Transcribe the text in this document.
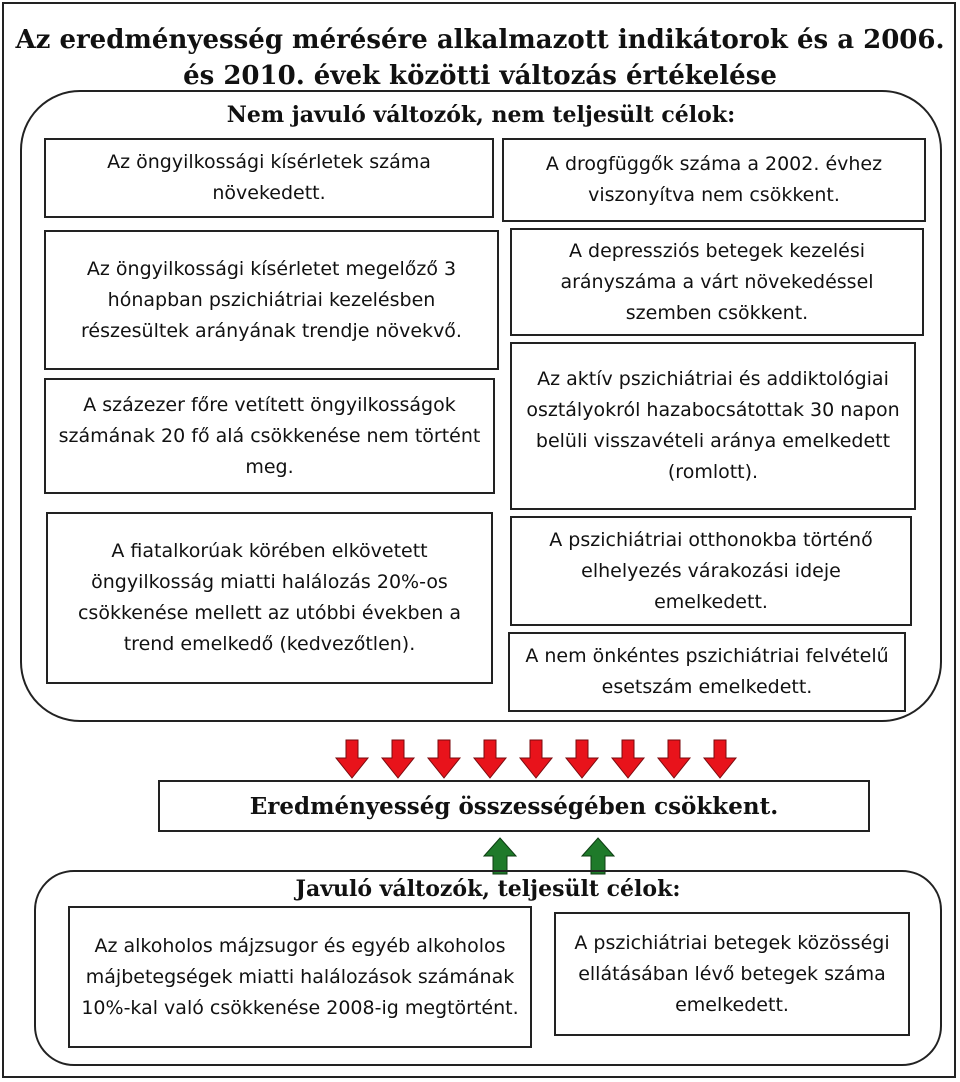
Az eredményesség mérésére alkalmazott indikátorok és a 2006.
és 2010. évek közötti változás értékelése
Nem javuló változók, nem teljesült célok:
Az öngyilkossági kísérletek száma növekedett.
Az öngyilkossági kísérletet megelőző 3 hónapban pszichiátriai kezelésben részesültek arányának trendje növekvő.
A százezer főre vetített öngyilkosságok számának 20 fő alá csökkenése nem történt meg.
A fiatalkorúak körében elkövetett öngyilkosság miatti halálozás 20%-os csökkenése mellett az utóbbi években a trend emelkedő (kedvezőtlen).
A drogfüggők száma a 2002. évhez viszonyítva nem csökkent.
A depressziós betegek kezelési arányszáma a várt növekedéssel szemben csökkent.
Az aktív pszichiátriai és addiktológiai osztályokról hazabocsátottak 30 napon belüli visszavételi aránya emelkedett (romlott).
A pszichiátriai otthonokba történő elhelyezés várakozási ideje emelkedett.
A nem önkéntes pszichiátriai felvételű esetszám emelkedett.
Eredményesség összességében csökkent.
Javuló változók, teljesült célok:
Az alkoholos májzsugor és egyéb alkoholos májbetegségek miatti halálozások számának 10%-kal való csökkenése 2008-ig megtörtént.
A pszichiátriai betegek közösségi ellátásában lévő betegek száma emelkedett.
